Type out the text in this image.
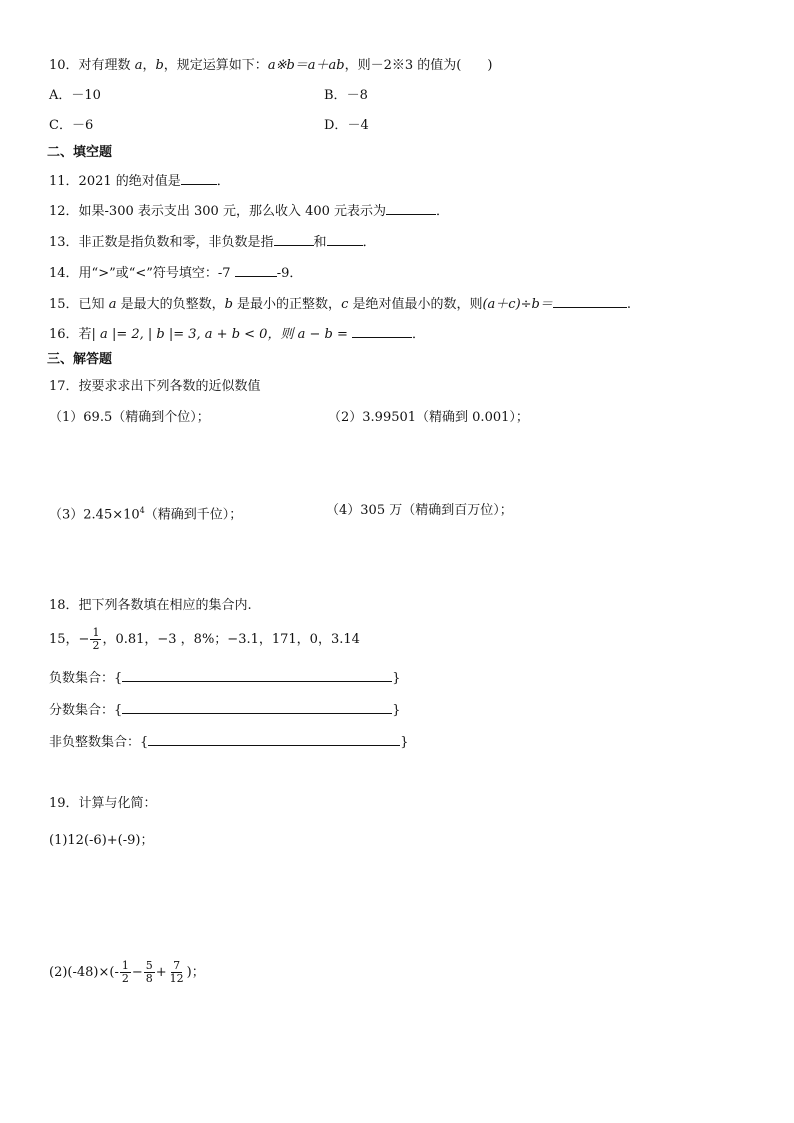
10．对有理数 a，b，规定运算如下：a※b＝a＋ab，则－2※3 的值为(　　)
A．－10	B．－8
C．－6	D．－4
二、填空题
11．2021 的绝对值是	．
12．如果-300 表示支出 300 元，那么收入 400 元表示为	．
13．非正数是指负数和零，非负数是指	和	．
14．用“>”或“<”符号填空：-7	-9．
15．已知 a 是最大的负整数，b 是最小的正整数，c 是绝对值最小的数，则(a＋c)÷b＝	.
16．若| a |= 2, | b |= 3, a + b < 0，则 a − b =	．
三、解答题
17．按要求求出下列各数的近似数值
（1）69.5（精确到个位）；	（2）3.99501（精确到 0.001）；
$(3)2.45\times 10^4$（精确到千位）；	（4）305 万（精确到百万位）；
18．把下列各数填在相应的集合内.
15，− $\frac{1}{2}$ ，0.81，−3 ，8%；−3.1，171，0，3.14
负数集合：{	}
分数集合：{	}
非负整数集合：{	}
19．计算与化简：
(1)12(-6)+(-9)；
$(2)(-48)\times(- \frac{1}{2} - \frac{5}{8} + \frac{7}{12}$ )；
